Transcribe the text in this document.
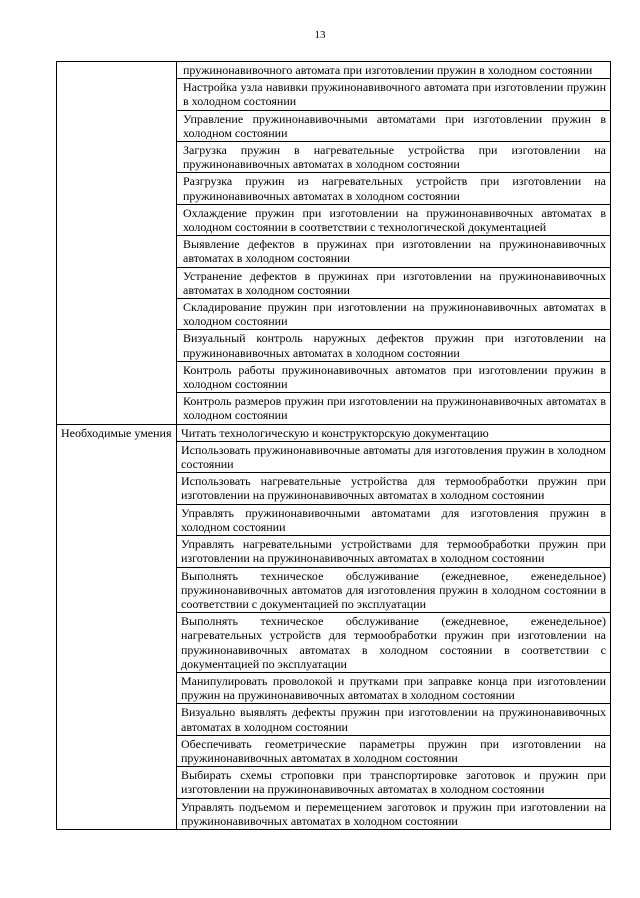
13
пружинонавивочного автомата при изготовлении пружин в холодном состоянии
Настройка узла навивки пружинонавивочного автомата при изготовлении пружин в холодном состоянии
Управление пружинонавивочными автоматами при изготовлении пружин в холодном состоянии
Загрузка пружин в нагревательные устройства при изготовлении на пружинонавивочных автоматах в холодном состоянии
Разгрузка пружин из нагревательных устройств при изготовлении на пружинонавивочных автоматах в холодном состоянии
Охлаждение пружин при изготовлении на пружинонавивочных автоматах в холодном состоянии в соответствии с технологической документацией
Выявление дефектов в пружинах при изготовлении на пружинонавивочных автоматах в холодном состоянии
Устранение дефектов в пружинах при изготовлении на пружинонавивочных автоматах в холодном состоянии
Складирование пружин при изготовлении на пружинонавивочных автоматах в холодном состоянии
Визуальный контроль наружных дефектов пружин при изготовлении на пружинонавивочных автоматах в холодном состоянии
Контроль работы пружинонавивочных автоматов при изготовлении пружин в холодном состоянии
Контроль размеров пружин при изготовлении на пружинонавивочных автоматах в холодном состоянии
Необходимые умения Читать технологическую и конструкторскую документацию
Использовать пружинонавивочные автоматы для изготовления пружин в холодном состоянии
Использовать нагревательные устройства для термообработки пружин при изготовлении на пружинонавивочных автоматах в холодном состоянии
Управлять пружинонавивочными автоматами для изготовления пружин в холодном состоянии
Управлять нагревательными устройствами для термообработки пружин при изготовлении на пружинонавивочных автоматах в холодном состоянии
Выполнять техническое обслуживание (ежедневное, еженедельное) пружинонавивочных автоматов для изготовления пружин в холодном состоянии в соответствии с документацией по эксплуатации
Выполнять техническое обслуживание (ежедневное, еженедельное) нагревательных устройств для термообработки пружин при изготовлении на пружинонавивочных автоматах в холодном состоянии в соответствии с документацией по эксплуатации
Манипулировать проволокой и прутками при заправке конца при изготовлении пружин на пружинонавивочных автоматах в холодном состоянии
Визуально выявлять дефекты пружин при изготовлении на пружинонавивочных автоматах в холодном состоянии
Обеспечивать геометрические параметры пружин при изготовлении на пружинонавивочных автоматах в холодном состоянии
Выбирать схемы строповки при транспортировке заготовок и пружин при изготовлении на пружинонавивочных автоматах в холодном состоянии
Управлять подъемом и перемещением заготовок и пружин при изготовлении на пружинонавивочных автоматах в холодном состоянии
